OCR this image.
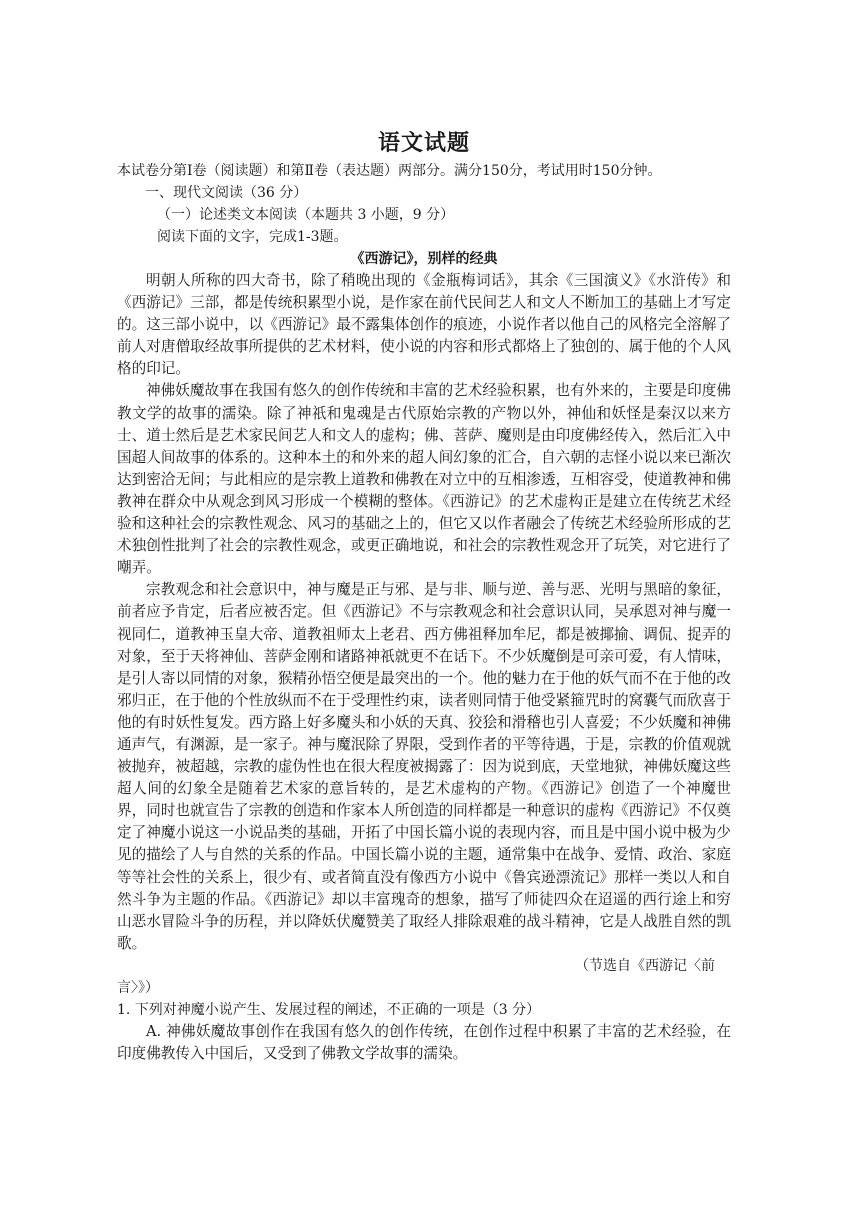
语文试题

本试卷分第Ⅰ卷（阅读题）和第Ⅱ卷（表达题）两部分。满分150分，考试用时150分钟。

一、现代文阅读（36 分）

（一）论述类文本阅读（本题共 3 小题，9 分）

阅读下面的文字，完成1-3题。

《西游记》，别样的经典

明朝人所称的四大奇书，除了稍晚出现的《金瓶梅词话》，其余《三国演义》《水浒传》和《西游记》三部，都是传统积累型小说，是作家在前代民间艺人和文人不断加工的基础上才写定的。这三部小说中，以《西游记》最不露集体创作的痕迹，小说作者以他自己的风格完全溶解了前人对唐僧取经故事所提供的艺术材料，使小说的内容和形式都烙上了独创的、属于他的个人风格的印记。

神佛妖魔故事在我国有悠久的创作传统和丰富的艺术经验积累，也有外来的，主要是印度佛教文学的故事的濡染。除了神祇和鬼魂是古代原始宗教的产物以外，神仙和妖怪是秦汉以来方士、道士然后是艺术家民间艺人和文人的虚构；佛、菩萨、魔则是由印度佛经传入，然后汇入中国超人间故事的体系的。这种本土的和外来的超人间幻象的汇合，自六朝的志怪小说以来已渐次达到密洽无间；与此相应的是宗教上道教和佛教在对立中的互相渗透，互相容受，使道教神和佛教神在群众中从观念到风习形成一个模糊的整体。《西游记》的艺术虚构正是建立在传统艺术经验和这种社会的宗教性观念、风习的基础之上的，但它又以作者融会了传统艺术经验所形成的艺术独创性批判了社会的宗教性观念，或更正确地说，和社会的宗教性观念开了玩笑，对它进行了嘲弄。

宗教观念和社会意识中，神与魔是正与邪、是与非、顺与逆、善与恶、光明与黑暗的象征，前者应予肯定，后者应被否定。但《西游记》不与宗教观念和社会意识认同，吴承恩对神与魔一视同仁，道教神玉皇大帝、道教祖师太上老君、西方佛祖释加牟尼，都是被揶揄、调侃、捉弄的对象，至于天将神仙、菩萨金刚和诸路神祇就更不在话下。不少妖魔倒是可亲可爱，有人情味，是引人寄以同情的对象，猴精孙悟空便是最突出的一个。他的魅力在于他的妖气而不在于他的改邪归正，在于他的个性放纵而不在于受理性约束，读者则同情于他受紧箍咒时的窝囊气而欣喜于他的有时妖性复发。西方路上好多魔头和小妖的天真、狡狯和滑稽也引人喜爱；不少妖魔和神佛通声气，有渊源，是一家子。神与魔泯除了界限，受到作者的平等待遇，于是，宗教的价值观就被抛弃，被超越，宗教的虚伪性也在很大程度被揭露了：因为说到底，天堂地狱，神佛妖魔这些超人间的幻象全是随着艺术家的意旨转的，是艺术虚构的产物。《西游记》创造了一个神魔世界，同时也就宣告了宗教的创造和作家本人所创造的同样都是一种意识的虚构《西游记》不仅奠定了神魔小说这一小说品类的基础，开拓了中国长篇小说的表现内容，而且是中国小说中极为少见的描绘了人与自然的关系的作品。中国长篇小说的主题，通常集中在战争、爱情、政治、家庭等等社会性的关系上，很少有、或者简直没有像西方小说中《鲁宾逊漂流记》那样一类以人和自然斗争为主题的作品。《西游记》却以丰富瑰奇的想象，描写了师徒四众在迢遥的西行途上和穷山恶水冒险斗争的历程，并以降妖伏魔赞美了取经人排除艰难的战斗精神，它是人战胜自然的凯歌。

（节选自《西游记〈前

言〉》）

1. 下列对神魔小说产生、发展过程的阐述，不正确的一项是（3 分）

A. 神佛妖魔故事创作在我国有悠久的创作传统，在创作过程中积累了丰富的艺术经验，在印度佛教传入中国后，又受到了佛教文学故事的濡染。
